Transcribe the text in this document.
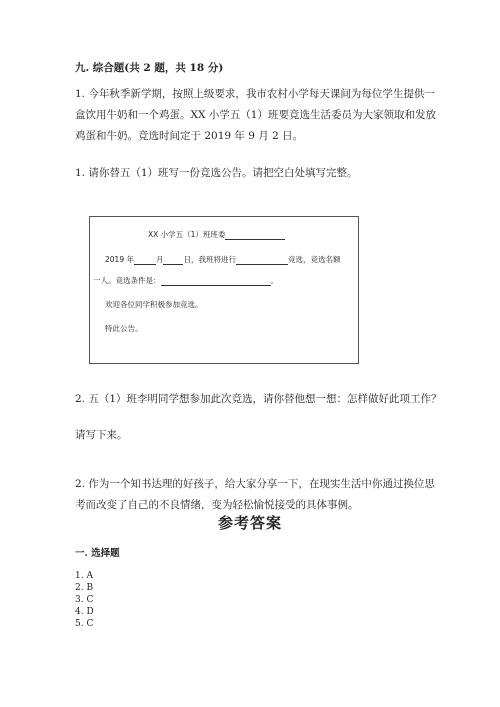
九. 综合题(共 2 题，共 18 分)
1. 今年秋季新学期，按照上级要求，我市农村小学每天课间为每位学生提供一
盒饮用牛奶和一个鸡蛋。XX 小学五（1）班要竞选生活委员为大家领取和发放
鸡蛋和牛奶。竞选时间定于 2019 年 9 月 2 日。
1. 请你替五（1）班写一份竞选公告。请把空白处填写完整。
XX 小学五（1）班班委
2019 年	月	日，我班将进行	竞选，竞选名额
一人。竞选条件是：	。
欢迎各位同学积极参加竞选。
特此公告。
2. 五（1）班李明同学想参加此次竞选，请你替他想一想：怎样做好此项工作？
请写下来。
2. 作为一个知书达理的好孩子，给大家分享一下，在现实生活中你通过换位思
考而改变了自己的不良情绪，变为轻松愉悦接受的具体事例。
参考答案
一. 选择题
1. A
2. B
3. C
4. D
5. C
